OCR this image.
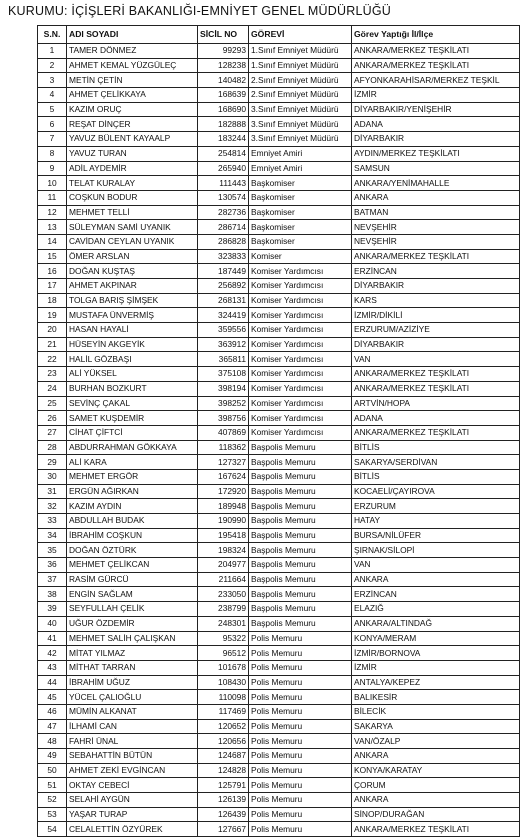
KURUMU: İÇİŞLERİ BAKANLIĞI-EMNİYET GENEL MÜDÜRLÜĞÜ
S.N.	ADI SOYADI	SİCİL NO	GÖREVİ	Görev Yaptığı İl/İlçe
1	TAMER DÖNMEZ	99293	1.Sınıf Emniyet Müdürü	ANKARA/MERKEZ TEŞKİLATI
2	AHMET KEMAL YÜZGÜLEÇ	128238	1.Sınıf Emniyet Müdürü	ANKARA/MERKEZ TEŞKİLATI
3	METİN ÇETİN	140482	2.Sınıf Emniyet Müdürü	AFYONKARAHİSAR/MERKEZ TEŞKİL
4	AHMET ÇELİKKAYA	168639	2.Sınıf Emniyet Müdürü	İZMİR
5	KAZIM ORUÇ	168690	3.Sınıf Emniyet Müdürü	DİYARBAKIR/YENİŞEHİR
6	REŞAT DİNÇER	182888	3.Sınıf Emniyet Müdürü	ADANA
7	YAVUZ BÜLENT KAYAALP	183244	3.Sınıf Emniyet Müdürü	DİYARBAKIR
8	YAVUZ TURAN	254814	Emniyet Amiri	AYDIN/MERKEZ TEŞKİLATI
9	ADİL AYDEMİR	265940	Emniyet Amiri	SAMSUN
10	TELAT KURALAY	111443	Başkomiser	ANKARA/YENİMAHALLE
11	COŞKUN BODUR	130574	Başkomiser	ANKARA
12	MEHMET TELLİ	282736	Başkomiser	BATMAN
13	SÜLEYMAN SAMİ UYANIK	286714	Başkomiser	NEVŞEHİR
14	CAVİDAN CEYLAN UYANIK	286828	Başkomiser	NEVŞEHİR
15	ÖMER ARSLAN	323833	Komiser	ANKARA/MERKEZ TEŞKİLATI
16	DOĞAN KUŞTAŞ	187449	Komiser Yardımcısı	ERZİNCAN
17	AHMET AKPINAR	256892	Komiser Yardımcısı	DİYARBAKIR
18	TOLGA BARIŞ ŞİMŞEK	268131	Komiser Yardımcısı	KARS
19	MUSTAFA ÜNVERMİŞ	324419	Komiser Yardımcısı	İZMİR/DİKİLİ
20	HASAN HAYALİ	359556	Komiser Yardımcısı	ERZURUM/AZİZİYE
21	HÜSEYİN AKGEYİK	363912	Komiser Yardımcısı	DİYARBAKIR
22	HALİL GÖZBAŞI	365811	Komiser Yardımcısı	VAN
23	ALİ YÜKSEL	375108	Komiser Yardımcısı	ANKARA/MERKEZ TEŞKİLATI
24	BURHAN BOZKURT	398194	Komiser Yardımcısı	ANKARA/MERKEZ TEŞKİLATI
25	SEVİNÇ ÇAKAL	398252	Komiser Yardımcısı	ARTVİN/HOPA
26	SAMET KUŞDEMİR	398756	Komiser Yardımcısı	ADANA
27	CİHAT ÇİFTCİ	407869	Komiser Yardımcısı	ANKARA/MERKEZ TEŞKİLATI
28	ABDURRAHMAN GÖKKAYA	118362	Başpolis Memuru	BİTLİS
29	ALİ KARA	127327	Başpolis Memuru	SAKARYA/SERDİVAN
30	MEHMET ERGÖR	167624	Başpolis Memuru	BİTLİS
31	ERGÜN AĞIRKAN	172920	Başpolis Memuru	KOCAELİ/ÇAYIROVA
32	KAZIM AYDIN	189948	Başpolis Memuru	ERZURUM
33	ABDULLAH BUDAK	190990	Başpolis Memuru	HATAY
34	İBRAHİM COŞKUN	195418	Başpolis Memuru	BURSA/NİLÜFER
35	DOĞAN ÖZTÜRK	198324	Başpolis Memuru	ŞIRNAK/SİLOPİ
36	MEHMET ÇELİKCAN	204977	Başpolis Memuru	VAN
37	RASİM GÜRCÜ	211664	Başpolis Memuru	ANKARA
38	ENGİN SAĞLAM	233050	Başpolis Memuru	ERZİNCAN
39	SEYFULLAH ÇELİK	238799	Başpolis Memuru	ELAZIĞ
40	UĞUR ÖZDEMİR	248301	Başpolis Memuru	ANKARA/ALTINDAĞ
41	MEHMET SALİH ÇALIŞKAN	95322	Polis Memuru	KONYA/MERAM
42	MİTAT YILMAZ	96512	Polis Memuru	İZMİR/BORNOVA
43	MİTHAT TARRAN	101678	Polis Memuru	İZMİR
44	İBRAHİM UĞUZ	108430	Polis Memuru	ANTALYA/KEPEZ
45	YÜCEL ÇALIOĞLU	110098	Polis Memuru	BALIKESİR
46	MÜMİN ALKANAT	117469	Polis Memuru	BİLECİK
47	İLHAMİ CAN	120652	Polis Memuru	SAKARYA
48	FAHRİ ÜNAL	120656	Polis Memuru	VAN/ÖZALP
49	SEBAHATTİN BÜTÜN	124687	Polis Memuru	ANKARA
50	AHMET ZEKİ EVGİNCAN	124828	Polis Memuru	KONYA/KARATAY
51	OKTAY CEBECİ	125791	Polis Memuru	ÇORUM
52	SELAHİ AYGÜN	126139	Polis Memuru	ANKARA
53	YAŞAR TURAP	126439	Polis Memuru	SİNOP/DURAĞAN
54	CELALETTİN ÖZYÜREK	127667	Polis Memuru	ANKARA/MERKEZ TEŞKİLATI
